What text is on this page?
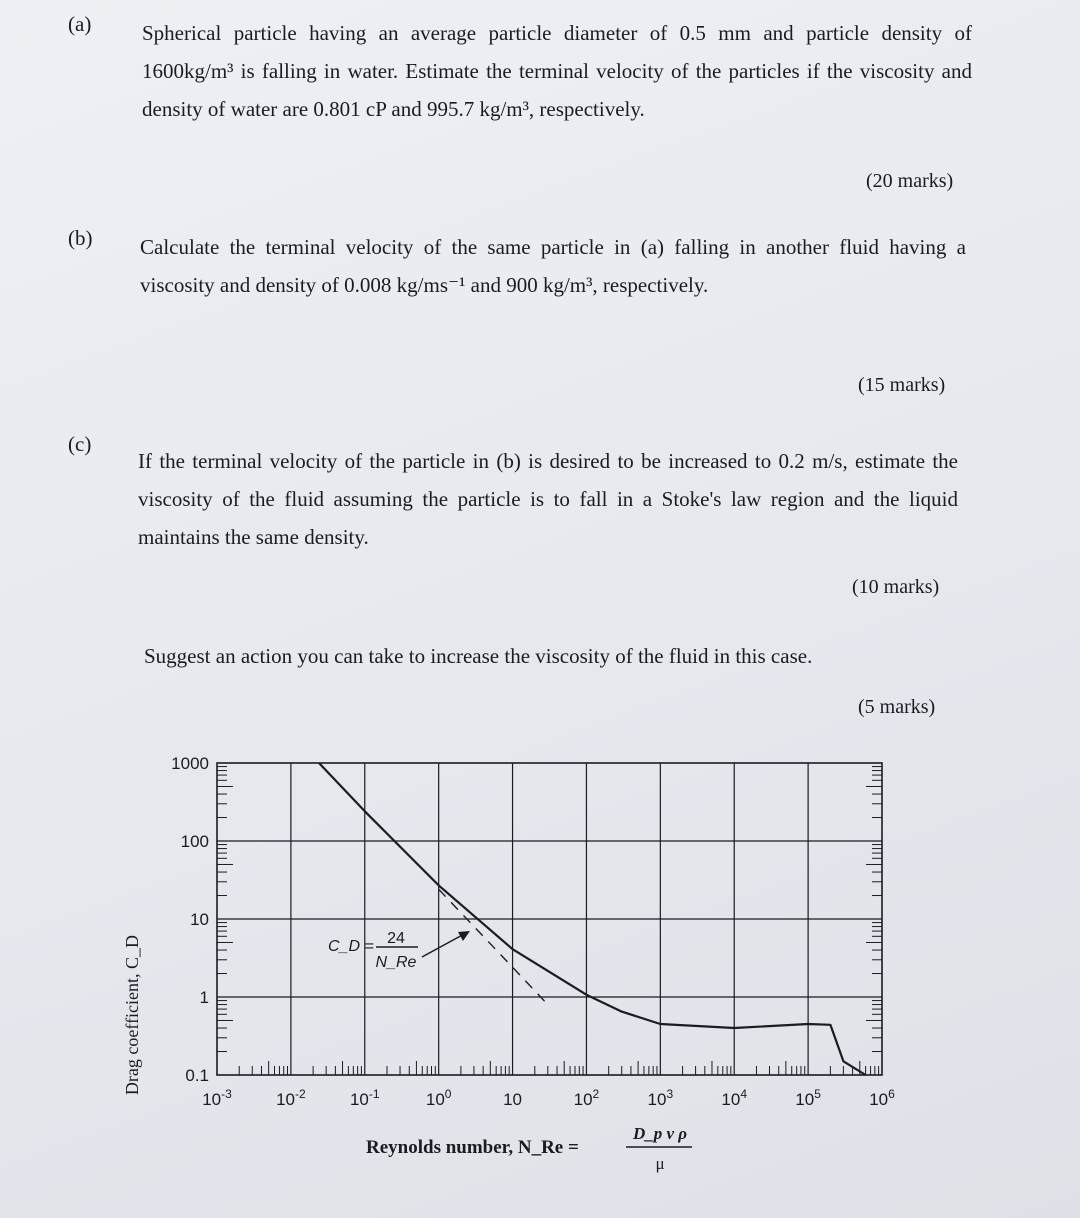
(a) Spherical particle having an average particle diameter of 0.5 mm and particle density of 1600kg/m³ is falling in water. Estimate the terminal velocity of the particles if the viscosity and density of water are 0.801 cP and 995.7 kg/m³, respectively.
(20 marks)
(b) Calculate the terminal velocity of the same particle in (a) falling in another fluid having a viscosity and density of 0.008 kg/ms⁻¹ and 900 kg/m³, respectively.
(15 marks)
(c)
If the terminal velocity of the particle in (b) is desired to be increased to 0.2 m/s, estimate the viscosity of the fluid assuming the particle is to fall in a Stoke's law region and the liquid maintains the same density.
(10 marks)
Suggest an action you can take to increase the viscosity of the fluid in this case.
(5 marks)
1000
100
10
1
0.1
$10^{-3}$	$10^{-2}$	$10^{-1}$	$10^0$	10	$10^2$	$10^3$	$10^4$	$10^5$	$10^6$
Drag coefficient, C_D	C_D = 24
N_Re
Reynolds number, N_Re =
D_p v ρ
μ
